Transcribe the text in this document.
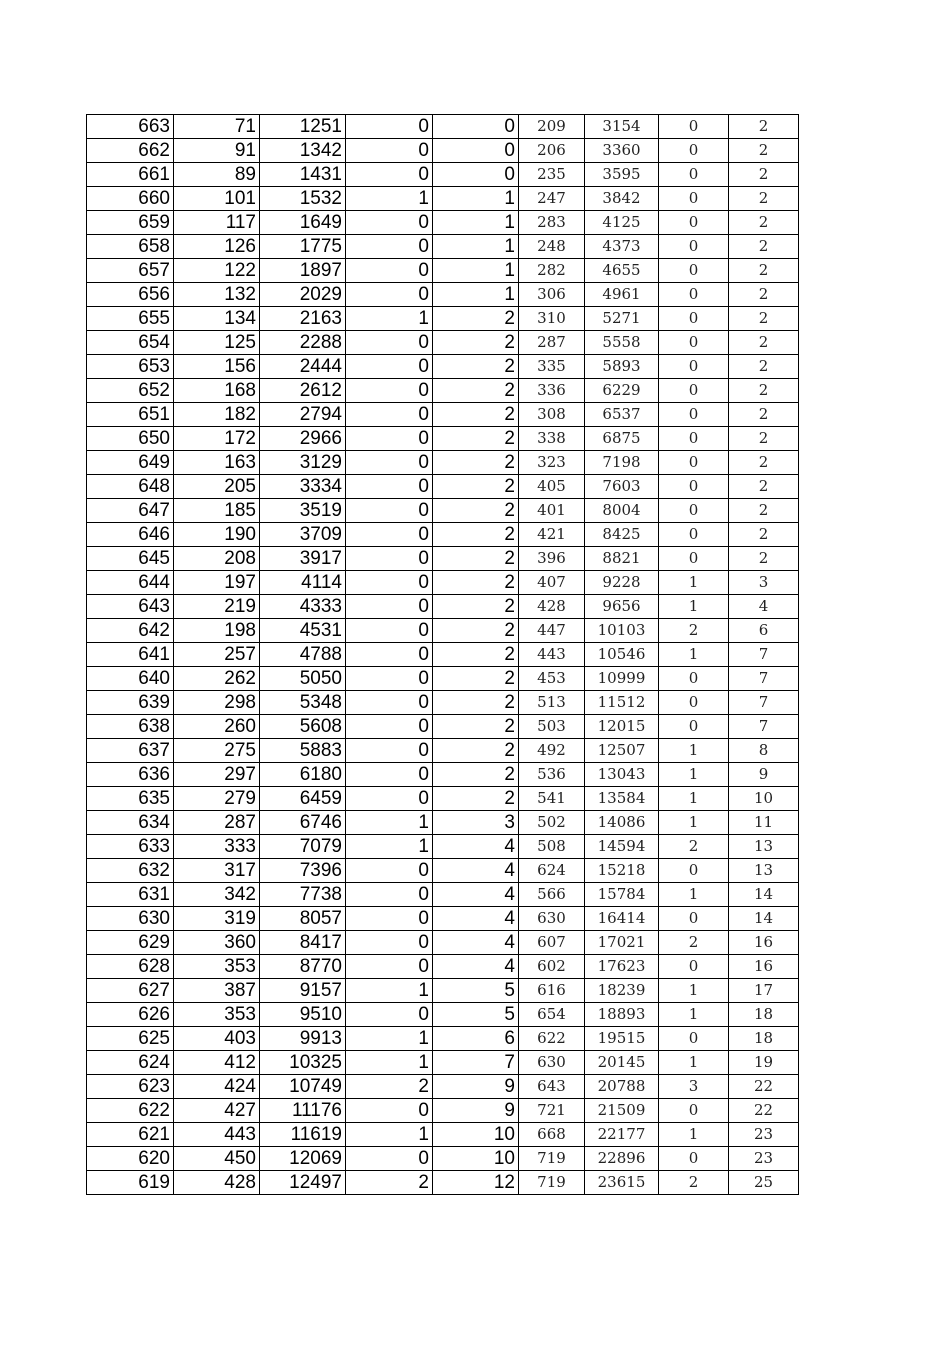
663	71	1251	0	0	209	3154	0	2
662	91	1342	0	0	206	3360	0	2
661	89	1431	0	0	235	3595	0	2
660	101	1532	1	1	247	3842	0	2
659	117	1649	0	1	283	4125	0	2
658	126	1775	0	1	248	4373	0	2
657	122	1897	0	1	282	4655	0	2
656	132	2029	0	1	306	4961	0	2
655	134	2163	1	2	310	5271	0	2
654	125	2288	0	2	287	5558	0	2
653	156	2444	0	2	335	5893	0	2
652	168	2612	0	2	336	6229	0	2
651	182	2794	0	2	308	6537	0	2
650	172	2966	0	2	338	6875	0	2
649	163	3129	0	2	323	7198	0	2
648	205	3334	0	2	405	7603	0	2
647	185	3519	0	2	401	8004	0	2
646	190	3709	0	2	421	8425	0	2
645	208	3917	0	2	396	8821	0	2
644	197	4114	0	2	407	9228	1	3
643	219	4333	0	2	428	9656	1	4
642	198	4531	0	2	447	10103	2	6
641	257	4788	0	2	443	10546	1	7
640	262	5050	0	2	453	10999	0	7
639	298	5348	0	2	513	11512	0	7
638	260	5608	0	2	503	12015	0	7
637	275	5883	0	2	492	12507	1	8
636	297	6180	0	2	536	13043	1	9
635	279	6459	0	2	541	13584	1	10
634	287	6746	1	3	502	14086	1	11
633	333	7079	1	4	508	14594	2	13
632	317	7396	0	4	624	15218	0	13
631	342	7738	0	4	566	15784	1	14
630	319	8057	0	4	630	16414	0	14
629	360	8417	0	4	607	17021	2	16
628	353	8770	0	4	602	17623	0	16
627	387	9157	1	5	616	18239	1	17
626	353	9510	0	5	654	18893	1	18
625	403	9913	1	6	622	19515	0	18
624	412	10325	1	7	630	20145	1	19
623	424	10749	2	9	643	20788	3	22
622	427	11176	0	9	721	21509	0	22
621	443	11619	1	10	668	22177	1	23
620	450	12069	0	10	719	22896	0	23
619	428	12497	2	12	719	23615	2	25
